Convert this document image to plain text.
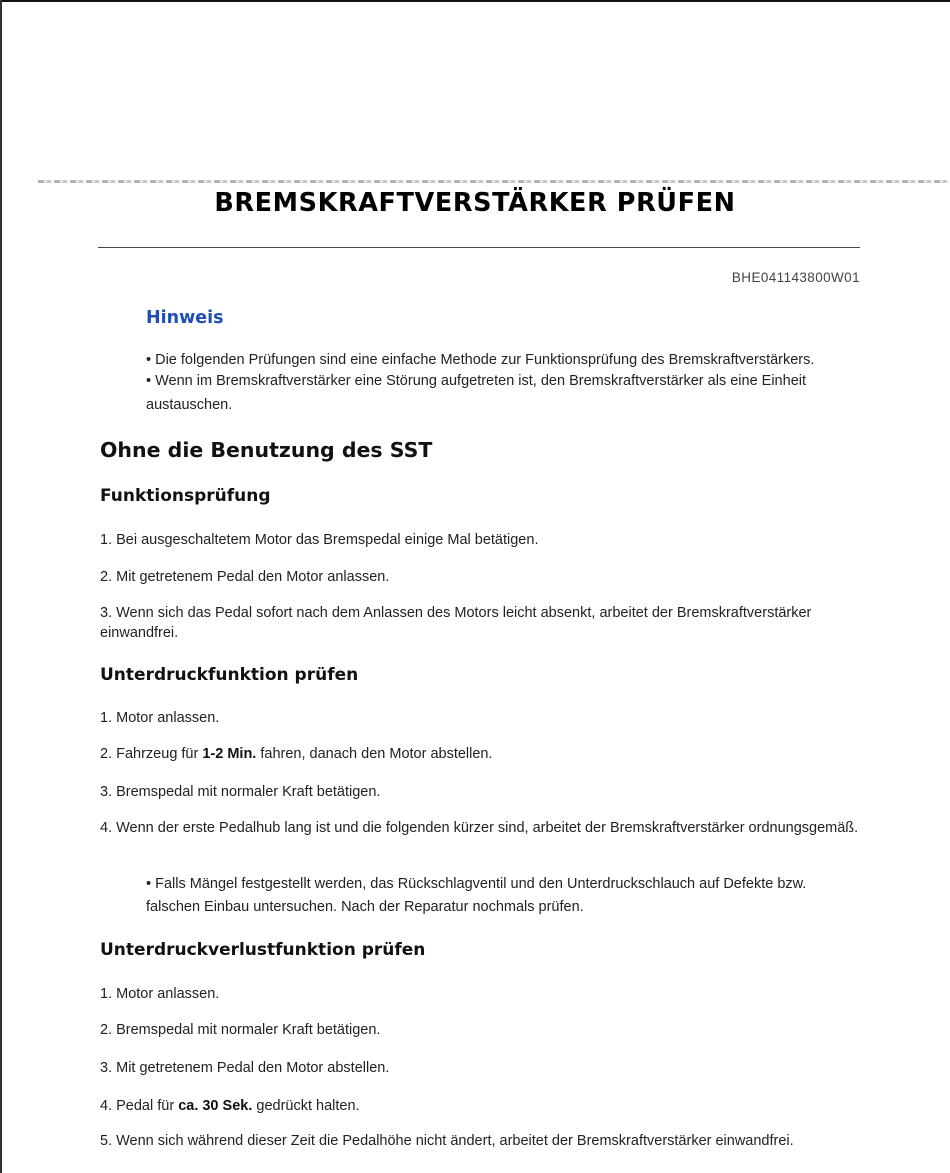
BREMSKRAFTVERSTÄRKER PRÜFEN
BHE041143800W01
Hinweis
• Die folgenden Prüfungen sind eine einfache Methode zur Funktionsprüfung des Bremskraftverstärkers.
• Wenn im Bremskraftverstärker eine Störung aufgetreten ist, den Bremskraftverstärker als eine Einheit
austauschen.
Ohne die Benutzung des SST
Funktionsprüfung
1. Bei ausgeschaltetem Motor das Bremspedal einige Mal betätigen.
2. Mit getretenem Pedal den Motor anlassen.
3. Wenn sich das Pedal sofort nach dem Anlassen des Motors leicht absenkt, arbeitet der Bremskraftverstärker einwandfrei.
Unterdruckfunktion prüfen
1. Motor anlassen.
2. Fahrzeug für 1-2 Min. fahren, danach den Motor abstellen.
3. Bremspedal mit normaler Kraft betätigen.
4. Wenn der erste Pedalhub lang ist und die folgenden kürzer sind, arbeitet der Bremskraftverstärker ordnungsgemäß.
• Falls Mängel festgestellt werden, das Rückschlagventil und den Unterdruckschlauch auf Defekte bzw. falschen Einbau untersuchen. Nach der Reparatur nochmals prüfen.
Unterdruckverlustfunktion prüfen
1. Motor anlassen.
2. Bremspedal mit normaler Kraft betätigen.
3. Mit getretenem Pedal den Motor abstellen.
4. Pedal für ca. 30 Sek. gedrückt halten.
5. Wenn sich während dieser Zeit die Pedalhöhe nicht ändert, arbeitet der Bremskraftverstärker einwandfrei.
